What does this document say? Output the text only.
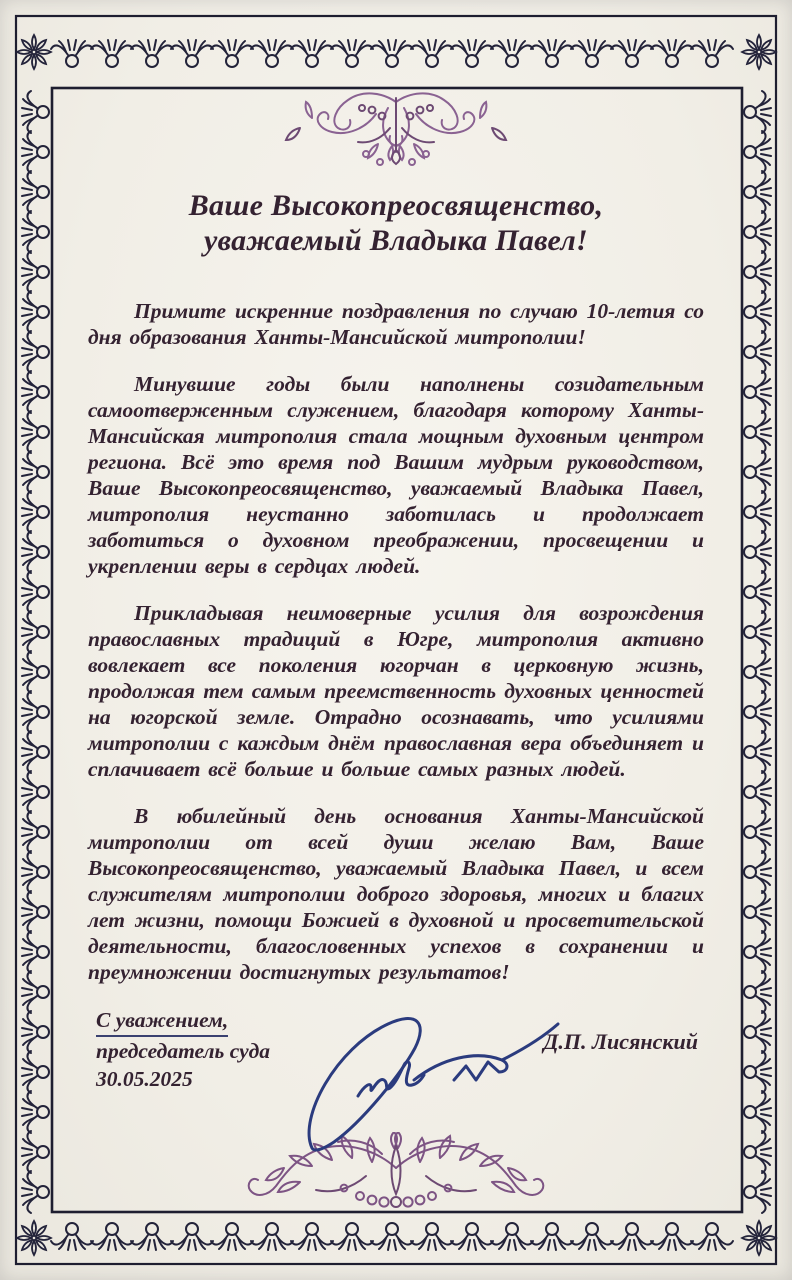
Ваше Высокопреосвященство,
уважаемый Владыка Павел!

Примите искренние поздравления по случаю 10-летия со дня образования Ханты-Мансийской митрополии!

Минувшие годы были наполнены созидательным самоотверженным служением, благодаря которому Ханты-Мансийская митрополия стала мощным духовным центром региона. Всё это время под Вашим мудрым руководством, Ваше Высокопреосвященство, уважаемый Владыка Павел, митрополия неустанно заботилась и продолжает заботиться о духовном преображении, просвещении и укреплении веры в сердцах людей.

Прикладывая неимоверные усилия для возрождения православных традиций в Югре, митрополия активно вовлекает все поколения югорчан в церковную жизнь, продолжая тем самым преемственность духовных ценностей на югорской земле. Отрадно осознавать, что усилиями митрополии с каждым днём православная вера объединяет и сплачивает всё больше и больше самых разных людей.

В юбилейный день основания Ханты-Мансийской митрополии от всей души желаю Вам, Ваше Высокопреосвященство, уважаемый Владыка Павел, и всем служителям митрополии доброго здоровья, многих и благих лет жизни, помощи Божией в духовной и просветительской деятельности, благословенных успехов в сохранении и преумножении достигнутых результатов!

С уважением,
председатель суда
30.05.2025
Д.П. Лисянский
